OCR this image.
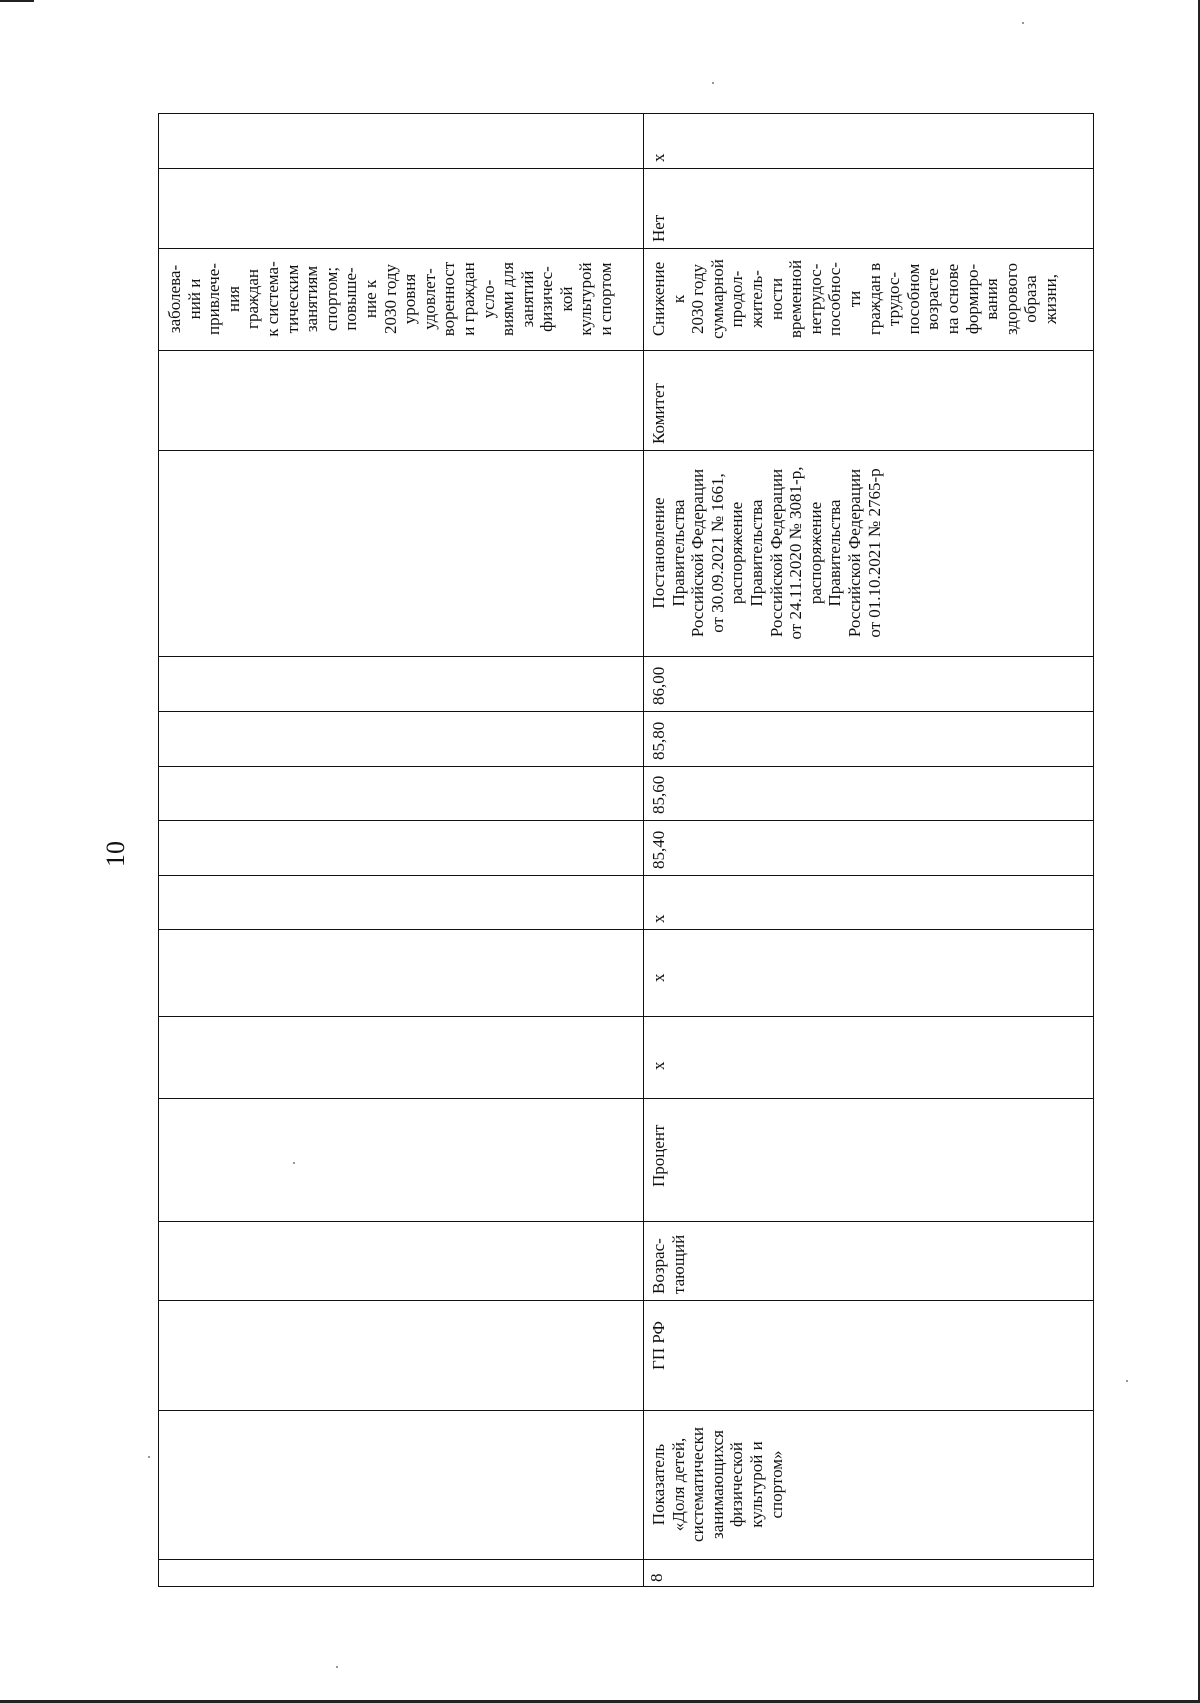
10
заболева-
ний и
привлече-
ния
граждан
к система-
тическим
занятиям
спортом;
повыше-
ние к
2030 году
уровня
удовлет-
воренност
и граждан
усло-
виями для
занятий
физичес-
кой
культурой
и спортом
х
Нет
Снижение
к
2030 году
суммарной
продол-
житель-
ности
временной
нетрудос-
пособнос-
ти
граждан в
трудос-
пособном
возрасте
на основе
формиро-
вания
здорового
образа
жизни,
Комитет
Постановление
Правительства
Российской Федерации
от 30.09.2021 № 1661,
распоряжение
Правительства
Российской Федерации
от 24.11.2020 № 3081-р,
распоряжение
Правительства
Российской Федерации
от 01.10.2021 № 2765-р
86,00
85,80
85,60
85,40
х
х
х
Процент
Возрас-
тающий
ГП РФ
Показатель
«Доля детей,
систематически
занимающихся
физической
культурой и
спортом»
8
